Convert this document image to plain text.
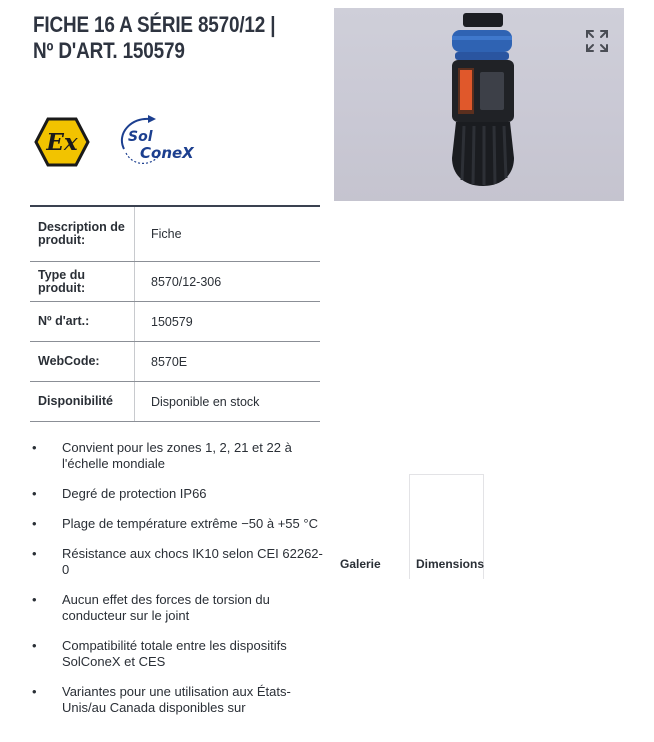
FICHE 16 A SÉRIE 8570/12 |
Nº D'ART. 150579
Ex	Sol
ConeX
Description de produit:	Fiche
Type du produit:	8570/12-306
Nº d'art.:	150579
WebCode:	8570E
Disponibilité	Disponible en stock
• Convient pour les zones 1, 2, 21 et 22 à l'échelle mondiale
• Degré de protection IP66
• Plage de température extrême −50 à +55 °C
• Résistance aux chocs IK10 selon CEI 62262-0
• Aucun effet des forces de torsion du conducteur sur le joint
• Compatibilité totale entre les dispositifs SolConeX et CES
• Variantes pour une utilisation aux États-Unis/au Canada disponibles sur
Galerie	Dimensions
